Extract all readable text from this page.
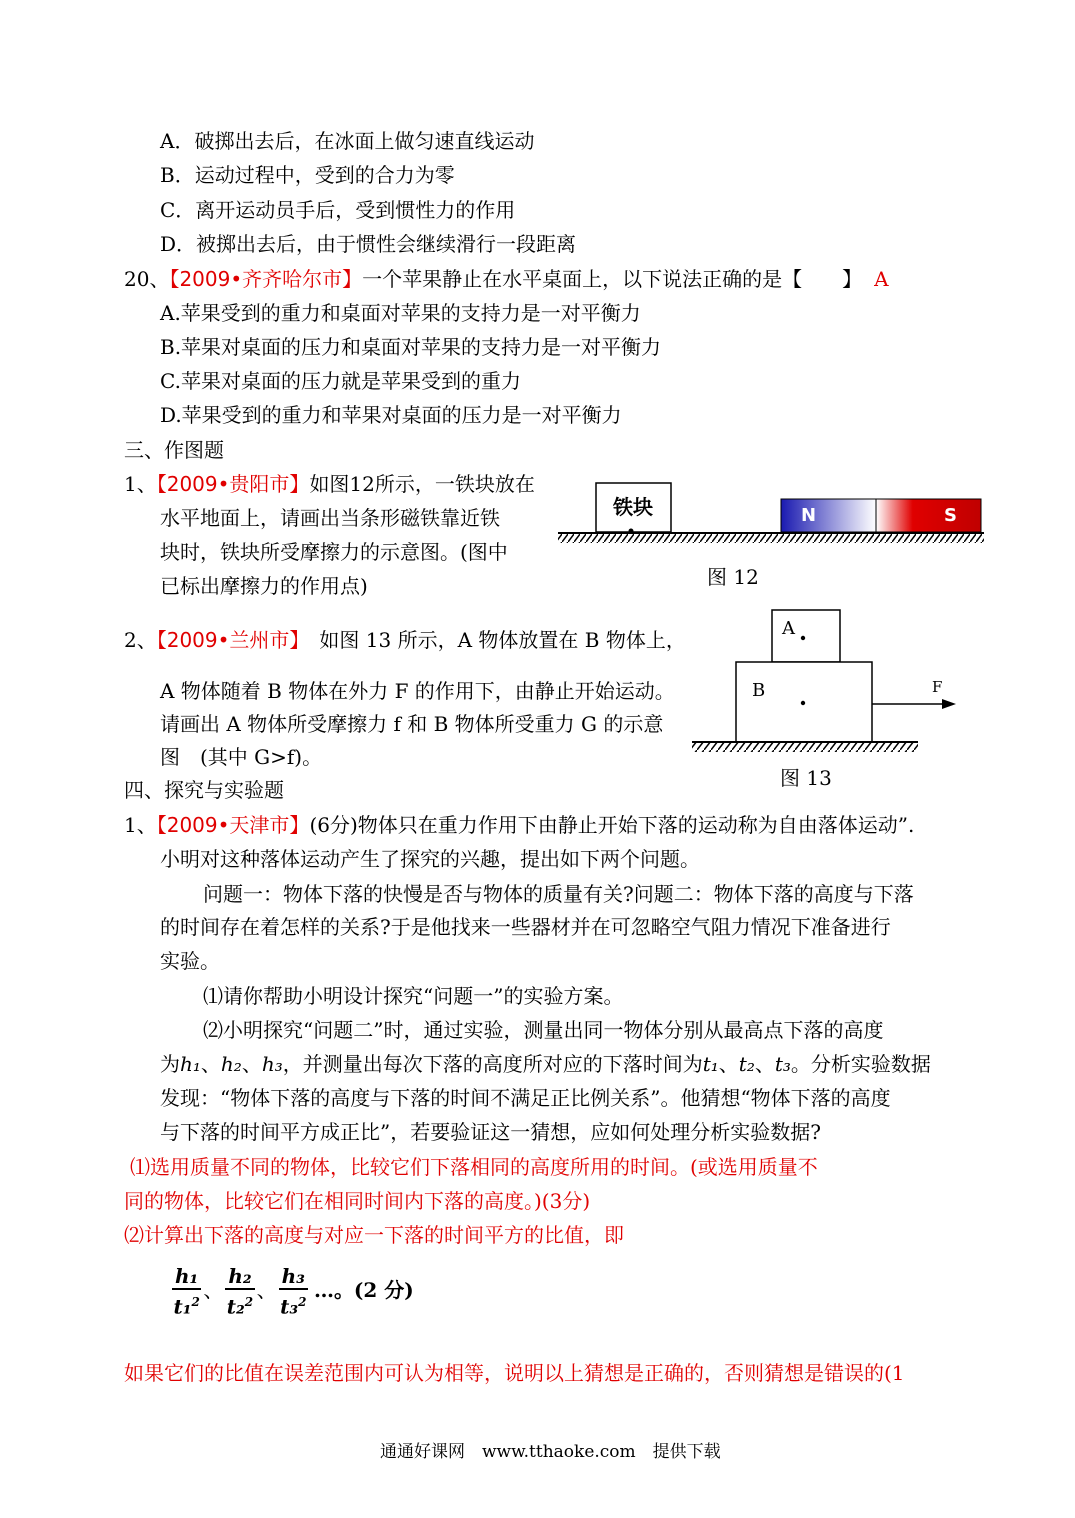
A．破掷出去后，在冰面上做匀速直线运动
B．运动过程中，受到的合力为零
C．离开运动员手后，受到惯性力的作用
D．被掷出去后，由于惯性会继续滑行一段距离
20、【2009•齐齐哈尔市】一个苹果静止在水平桌面上，以下说法正确的是【　　】 A
A.苹果受到的重力和桌面对苹果的支持力是一对平衡力
B.苹果对桌面的压力和桌面对苹果的支持力是一对平衡力
C.苹果对桌面的压力就是苹果受到的重力
D.苹果受到的重力和苹果对桌面的压力是一对平衡力
三、作图题
1、【2009•贵阳市】如图12所示，一铁块放在
水平地面上，请画出当条形磁铁靠近铁
块时，铁块所受摩擦力的示意图。(图中
已标出摩擦力的作用点)
铁块	N	S
图 12
2、【2009•兰州市】　如图 13 所示，A 物体放置在 B 物体上，
A 物体随着 B 物体在外力 F 的作用下，由静止开始运动。
请画出 A 物体所受摩擦力 f 和 B 物体所受重力 G 的示意
图　(其中 G>f)。
A
B	F
图 13
四、探究与实验题
1、【2009•天津市】(6分)物体只在重力作用下由静止开始下落的运动称为自由落体运动”.
小明对这种落体运动产生了探究的兴趣，提出如下两个问题。
问题一：物体下落的快慢是否与物体的质量有关?问题二：物体下落的高度与下落
的时间存在着怎样的关系?于是他找来一些器材并在可忽略空气阻力情况下准备进行
实验。
⑴请你帮助小明设计探究“问题一”的实验方案。
⑵小明探究“问题二”时，通过实验，测量出同一物体分别从最高点下落的高度
为h₁、h₂、h₃，并测量出每次下落的高度所对应的下落时间为t₁、t₂、t₃。分析实验数据
发现：“物体下落的高度与下落的时间不满足正比例关系”。他猜想“物体下落的高度
与下落的时间平方成正比”，若要验证这一猜想，应如何处理分析实验数据?
⑴选用质量不同的物体，比较它们下落相同的高度所用的时间。(或选用质量不
同的物体，比较它们在相同时间内下落的高度。)(3分)
⑵计算出下落的高度与对应一下落的时间平方的比值，即
$\frac{\text{h₁}}{t_1^2}$ 、 $\frac{\text{h₂}}{t_2^2}$ 、 $\frac{\text{h₃}}{t_3^2}$ …。(2 分)
如果它们的比值在误差范围内可认为相等，说明以上猜想是正确的，否则猜想是错误的(1
通通好课网　www.tthaoke.com　提供下载
